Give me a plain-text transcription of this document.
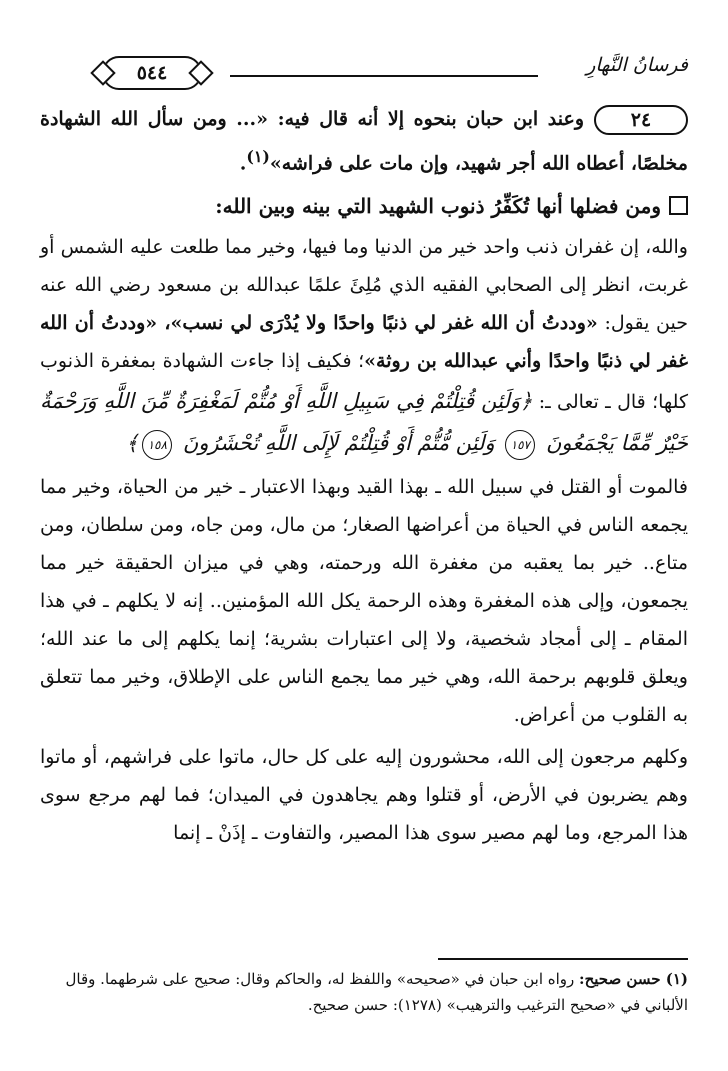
٥٤٤	فرسانُ النَّهارِ

٢٤وعند ابن حبان بنحوه إلا أنه قال فيه: «... ومن سأل الله الشهادة مخلصًا، أعطاه الله أجر شهيد، وإن مات على فراشه»$^{(١)}$.

ومن فضلها أنها تُكَفِّرُ ذنوب الشهيد التي بينه وبين الله:

والله، إن غفران ذنب واحد خير من الدنيا وما فيها، وخير مما طلعت عليه الشمس أو غربت، انظر إلى الصحابي الفقيه الذي مُلِئَ علمًا عبدالله بن مسعود رضي الله عنه حين يقول: «وددتُ أن الله غفر لي ذنبًا واحدًا ولا يُدْرَى لي نسب»، «وددتُ أن الله غفر لي ذنبًا واحدًا وأني عبدالله بن روثة»؛ فكيف إذا جاءت الشهادة بمغفرة الذنوب كلها؛ قال ـ تعالى ـ: ﴿وَلَئِن قُتِلْتُمْ فِي سَبِيلِ اللَّهِ أَوْ مُتُّمْ لَمَغْفِرَةٌ مِّنَ اللَّهِ وَرَحْمَةٌ خَيْرٌ مِّمَّا يَجْمَعُونَ ١٥٧ وَلَئِن مُّتُّمْ أَوْ قُتِلْتُمْ لَإِلَى اللَّهِ تُحْشَرُونَ ١٥٨﴾

فالموت أو القتل في سبيل الله ـ بهذا القيد وبهذا الاعتبار ـ خير من الحياة، وخير مما يجمعه الناس في الحياة من أعراضها الصغار؛ من مال، ومن جاه، ومن سلطان، ومن متاع.. خير بما يعقبه من مغفرة الله ورحمته، وهي في ميزان الحقيقة خير مما يجمعون، وإلى هذه المغفرة وهذه الرحمة يكل الله المؤمنين.. إنه لا يكلهم ـ في هذا المقام ـ إلى أمجاد شخصية، ولا إلى اعتبارات بشرية؛ إنما يكلهم إلى ما عند الله؛ ويعلق قلوبهم برحمة الله، وهي خير مما يجمع الناس على الإطلاق، وخير مما تتعلق به القلوب من أعراض.

وكلهم مرجعون إلى الله، محشورون إليه على كل حال، ماتوا على فراشهم، أو ماتوا وهم يضربون في الأرض، أو قتلوا وهم يجاهدون في الميدان؛ فما لهم مرجع سوى هذا المرجع، وما لهم مصير سوى هذا المصير، والتفاوت ـ إذَنْ ـ إنما

(١) حسن صحيح: رواه ابن حبان في «صحيحه» واللفظ له، والحاكم وقال: صحيح على شرطهما. وقال الألباني في «صحيح الترغيب والترهيب» (١٢٧٨): حسن صحيح.
